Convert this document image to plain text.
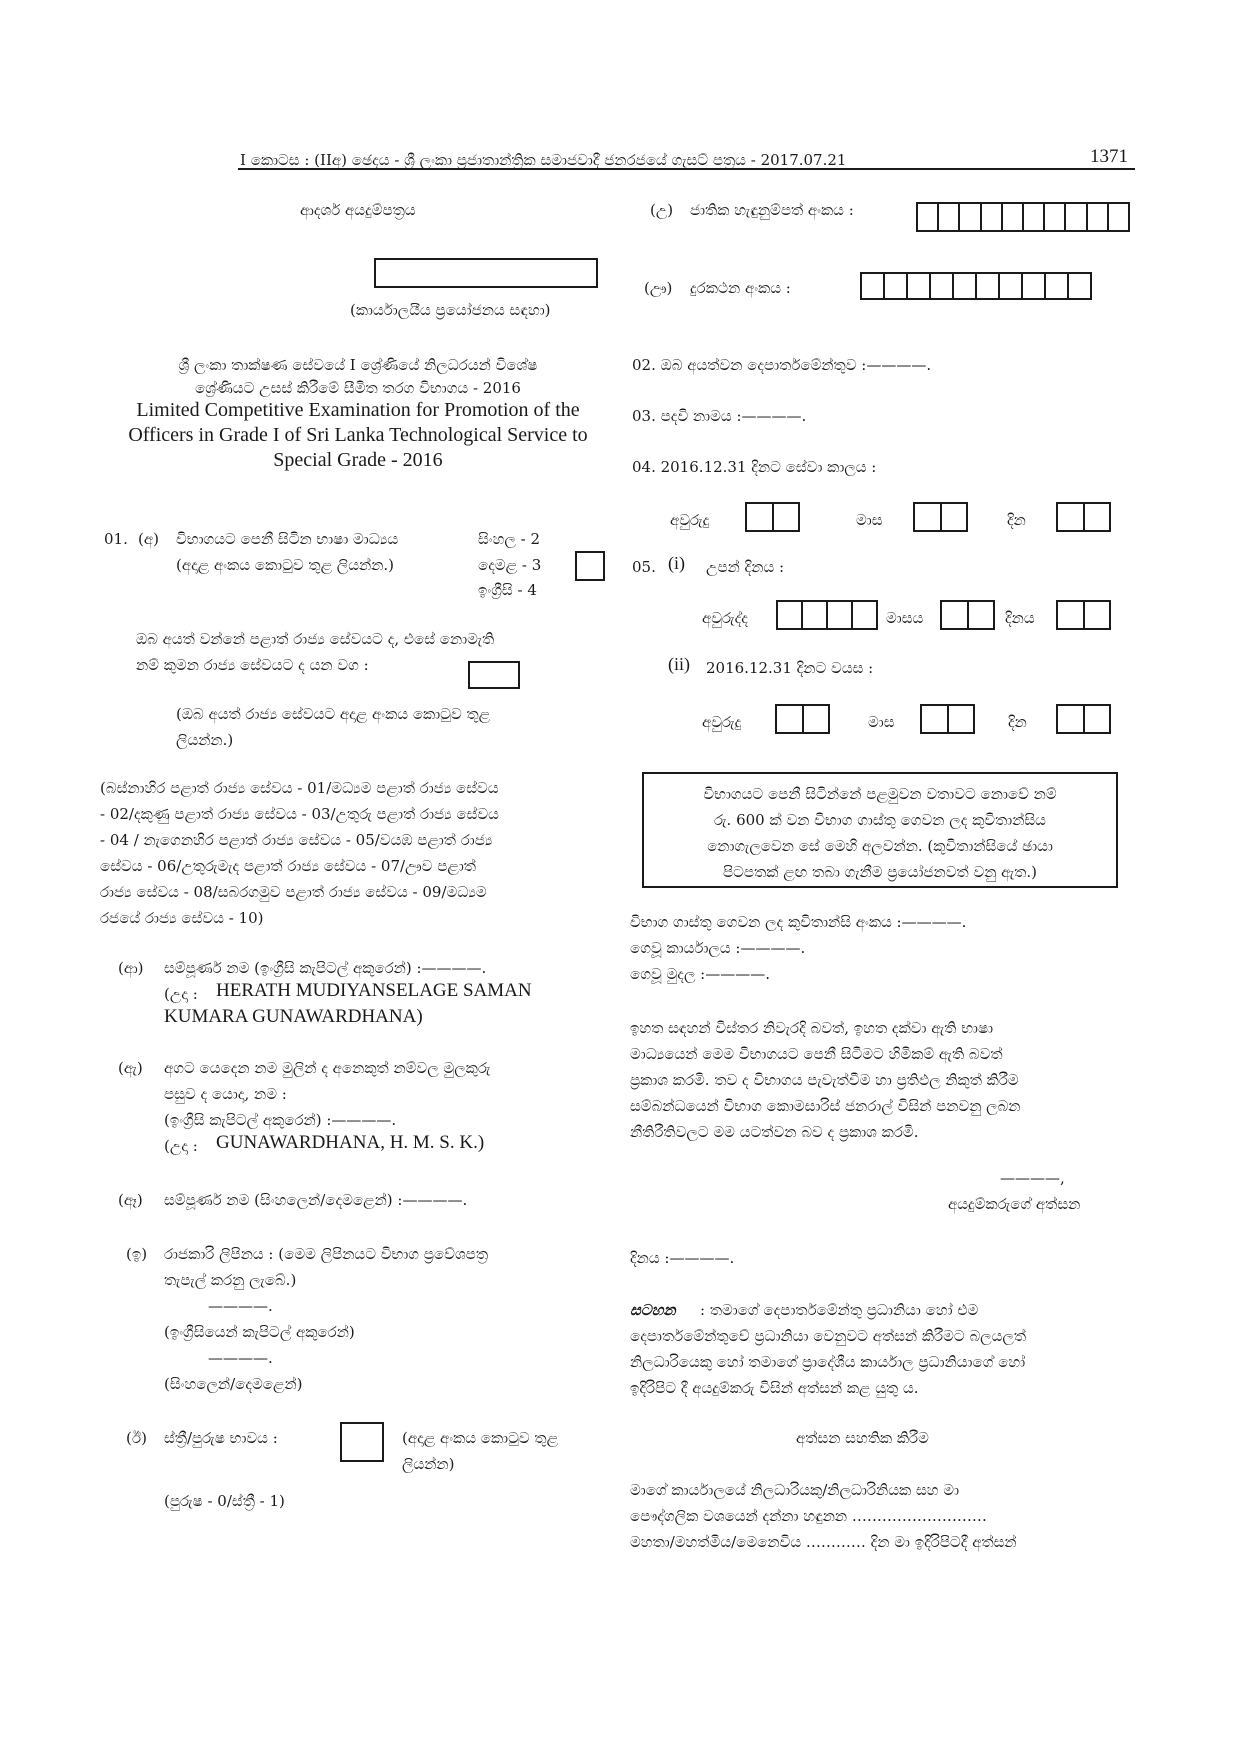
I කොටස : (IIඅ) ඡෙදය - ශ්‍රී ලංකා ප්‍රජාතාන්ත්‍රික සමාජවාදී ජනරජයේ ගැසට් පත්‍රය - 2017.07.21	1371
ආදර්ශ අයදුම්පත්‍රය
(කාර්යාලයීය ප්‍රයෝජනය සඳහා)
ශ්‍රී ලංකා තාක්ෂණ සේවයේ I ශ්‍රේණියේ නිලධරයන් විශේෂ
ශ්‍රේණියට උසස් කිරීමේ සීමිත තරග විභාගය - 2016
Limited Competitive Examination for Promotion of the
Officers in Grade I of Sri Lanka Technological Service to
Special Grade - 2016
01. (අ) විභාගයට පෙනී සිටින භාෂා මාධ්‍යය
(අදාළ අංකය කොටුව තුළ ලියන්න.)
සිංහල - 2
දෙමළ - 3
ඉංග්‍රීසි - 4
ඔබ අයත් වන්නේ පළාත් රාජ්‍ය සේවයට ද, එසේ නොමැති
නම් කුමන රාජ්‍ය සේවයට ද යන වග :
(ඔබ අයත් රාජ්‍ය සේවයට අදාළ අංකය කොටුව තුළ
ලියන්න.)
(බස්නාහිර පළාත් රාජ්‍ය සේවය - 01/මධ්‍යම පළාත් රාජ්‍ය සේවය
- 02/දකුණු පළාත් රාජ්‍ය සේවය - 03/උතුරු පළාත් රාජ්‍ය සේවය
- 04 / නැගෙනහිර පළාත් රාජ්‍ය සේවය - 05/වයඹ පළාත් රාජ්‍ය
සේවය - 06/උතුරුමැද පළාත් රාජ්‍ය සේවය - 07/ඌව පළාත්
රාජ්‍ය සේවය - 08/සබරගමුව පළාත් රාජ්‍ය සේවය - 09/මධ්‍යම
රජයේ රාජ්‍ය සේවය - 10)
(ආ) සම්පූර්ණ නම (ඉංග්‍රීසි කැපිටල් අකුරෙන්) :————.
(උදා : HERATH MUDIYANSELAGE SAMAN
KUMARA GUNAWARDHANA)
(ඇ) අගට යෙදෙන නම මුලින් ද අනෙකුත් නම්වල මුලකුරු
පසුව ද යොදා, නම :
(ඉංග්‍රීසි කැපිටල් අකුරෙන්) :————.
(උදා : GUNAWARDHANA, H. M. S. K.)
(ඈ) සම්පූර්ණ නම (සිංහලෙන්/දෙමළෙන්) :————.
(ඉ) රාජකාරි ලිපිනය : (මෙම ලිපිනයට විභාග ප්‍රවේශපත්‍ර
තැපැල් කරනු ලැබේ.)
————.
(ඉංග්‍රීසියෙන් කැපිටල් අකුරෙන්)
————.
(සිංහලෙන්/දෙමළෙන්)
(ඊ) ස්ත්‍රී/පුරුෂ භාවය :	(අදාළ අංකය කොටුව තුළ
ලියන්න)
(පුරුෂ - 0/ස්ත්‍රී - 1)
(උ) ජාතික හැඳුනුම්පත් අංකය :
(ඌ) දුරකථන අංකය :
02. ඔබ අයත්වන දෙපාර්තමේන්තුව :————.
03. පදවි නාමය :————.
04. 2016.12.31 දිනට සේවා කාලය :
අවුරුදු	මාස	දින
05. (i) උපන් දිනය :
අවුරුද්ද	මාසය	දිනය
(ii) 2016.12.31 දිනට වයස :
අවුරුදු	මාස	දින
විභාගයට පෙනී සිටින්නේ පළමුවන වතාවට නොවේ නම්
රු. 600 ක් වන විභාග ගාස්තු ගෙවන ලද කුවිතාන්සිය
නොගැලවෙන සේ මෙහි අලවන්න. (කුවිතාන්සියේ ඡායා
පිටපතක් ළඟ තබා ගැනීම ප්‍රයෝජනවත් වනු ඇත.)
විභාග ගාස්තු ගෙවන ලද කුවිතාන්සි අංකය :————.
ගෙවූ කාර්යාලය :————.
ගෙවූ මුදල :————.
ඉහත සඳහන් විස්තර නිවැරදි බවත්, ඉහත දක්වා ඇති භාෂා
මාධ්‍යයෙන් මෙම විභාගයට පෙනී සිටීමට හිමිකම් ඇති බවත්
ප්‍රකාශ කරමි. තව ද විභාගය පැවැත්වීම හා ප්‍රතිඵල නිකුත් කිරීම
සම්බන්ධයෙන් විභාග කොමසාරිස් ජනරාල් විසින් පනවනු ලබන
නීතිරීතිවලට මම යටත්වන බව ද ප්‍රකාශ කරමි.
————,
අයදුම්කරුගේ අත්සන
දිනය :————.
සටහන : තමාගේ දෙපාර්තමේන්තු ප්‍රධානියා හෝ එම
දෙපාර්තමේන්තුවේ ප්‍රධානියා වෙනුවට අත්සන් කිරීමට බලයලත්
නිලධාරියෙකු හෝ තමාගේ ප්‍රාදේශීය කාර්යාල ප්‍රධානියාගේ හෝ
ඉදිරිපිට දී අයදුම්කරු විසින් අත්සන් කළ යුතු ය.
අත්සන සහතික කිරීම
මාගේ කාර්යාලයේ නිලධාරියකු/නිලධාරිනියක සහ මා
පෞද්ගලික වශයෙන් දන්නා හඳුනන ………………………
මහතා/මහත්මිය/මෙනෙවිය ………… දින මා ඉදිරිපිටදී අත්සන්
